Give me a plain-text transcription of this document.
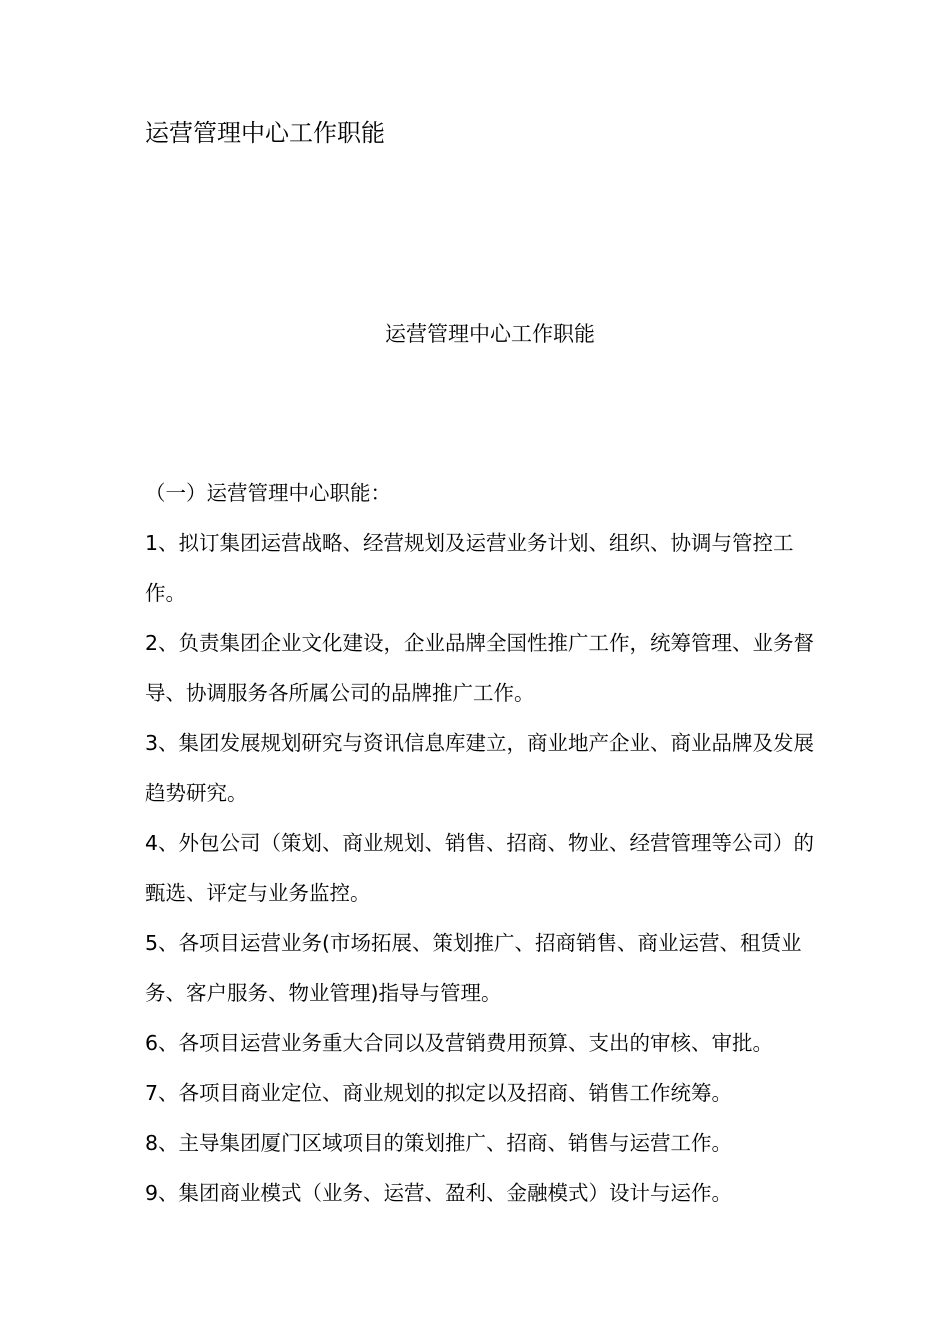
运营管理中心工作职能
运营管理中心工作职能

（一）运营管理中心职能：

1、拟订集团运营战略、经营规划及运营业务计划、组织、协调与管控工作。
2、负责集团企业文化建设，企业品牌全国性推广工作，统筹管理、业务督导、协调服务各所属公司的品牌推广工作。
3、集团发展规划研究与资讯信息库建立，商业地产企业、商业品牌及发展趋势研究。
4、外包公司（策划、商业规划、销售、招商、物业、经营管理等公司）的甄选、评定与业务监控。
5、各项目运营业务(市场拓展、策划推广、招商销售、商业运营、租赁业务、客户服务、物业管理)指导与管理。
6、各项目运营业务重大合同以及营销费用预算、支出的审核、审批。
7、各项目商业定位、商业规划的拟定以及招商、销售工作统筹。
8、主导集团厦门区域项目的策划推广、招商、销售与运营工作。
9、集团商业模式（业务、运营、盈利、金融模式）设计与运作。
